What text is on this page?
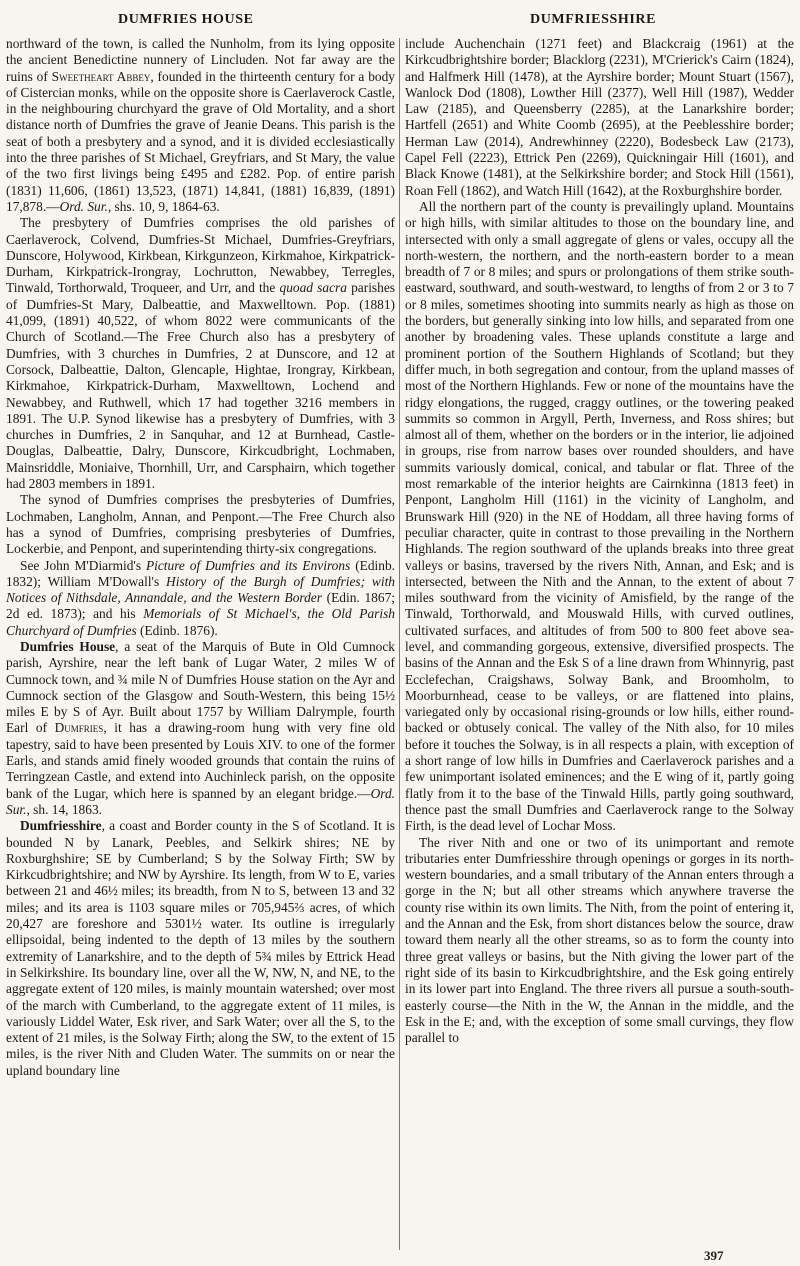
DUMFRIES HOUSE	DUMFRIESSHIRE

northward of the town, is called the Nunholm, from its lying opposite the ancient Benedictine nunnery of Lincluden. Not far away are the ruins of Sweetheart Abbey, founded in the thirteenth century for a body of Cistercian monks, while on the opposite shore is Caerlaverock Castle, in the neighbouring churchyard the grave of Old Mortality, and a short distance north of Dumfries the grave of Jeanie Deans. This parish is the seat of both a presbytery and a synod, and it is divided ecclesiastically into the three parishes of St Michael, Greyfriars, and St Mary, the value of the two first livings being £495 and £282. Pop. of entire parish (1831) 11,606, (1861) 13,523, (1871) 14,841, (1881) 16,839, (1891) 17,878.—Ord. Sur., shs. 10, 9, 1864-63.

The presbytery of Dumfries comprises the old parishes of Caerlaverock, Colvend, Dumfries-St Michael, Dumfries-Greyfriars, Dunscore, Holywood, Kirkbean, Kirkgunzeon, Kirkmahoe, Kirkpatrick-Durham, Kirkpatrick-Irongray, Lochrutton, Newabbey, Terregles, Tinwald, Torthorwald, Troqueer, and Urr, and the quoad sacra parishes of Dumfries-St Mary, Dalbeattie, and Maxwelltown. Pop. (1881) 41,099, (1891) 40,522, of whom 8022 were communicants of the Church of Scotland.—The Free Church also has a presbytery of Dumfries, with 3 churches in Dumfries, 2 at Dunscore, and 12 at Corsock, Dalbeattie, Dalton, Glencaple, Hightae, Irongray, Kirkbean, Kirkmahoe, Kirkpatrick-Durham, Maxwelltown, Lochend and Newabbey, and Ruthwell, which 17 had together 3216 members in 1891. The U.P. Synod likewise has a presbytery of Dumfries, with 3 churches in Dumfries, 2 in Sanquhar, and 12 at Burnhead, Castle-Douglas, Dalbeattie, Dalry, Dunscore, Kirkcudbright, Lochmaben, Mainsriddle, Moniaive, Thornhill, Urr, and Carsphairn, which together had 2803 members in 1891.

The synod of Dumfries comprises the presbyteries of Dumfries, Lochmaben, Langholm, Annan, and Penpont.—The Free Church also has a synod of Dumfries, comprising presbyteries of Dumfries, Lockerbie, and Penpont, and superintending thirty-six congregations.

See John M'Diarmid's Picture of Dumfries and its Environs (Edinb. 1832); William M'Dowall's History of the Burgh of Dumfries; with Notices of Nithsdale, Annandale, and the Western Border (Edin. 1867; 2d ed. 1873); and his Memorials of St Michael's, the Old Parish Churchyard of Dumfries (Edinb. 1876).

Dumfries House, a seat of the Marquis of Bute in Old Cumnock parish, Ayrshire, near the left bank of Lugar Water, 2 miles W of Cumnock town, and ¾ mile N of Dumfries House station on the Ayr and Cumnock section of the Glasgow and South-Western, this being 15½ miles E by S of Ayr. Built about 1757 by William Dalrymple, fourth Earl of Dumfries, it has a drawing-room hung with very fine old tapestry, said to have been presented by Louis XIV. to one of the former Earls, and stands amid finely wooded grounds that contain the ruins of Terringzean Castle, and extend into Auchinleck parish, on the opposite bank of the Lugar, which here is spanned by an elegant bridge.—Ord. Sur., sh. 14, 1863.

Dumfriesshire, a coast and Border county in the S of Scotland. It is bounded N by Lanark, Peebles, and Selkirk shires; NE by Roxburghshire; SE by Cumberland; S by the Solway Firth; SW by Kirkcudbrightshire; and NW by Ayrshire. Its length, from W to E, varies between 21 and 46½ miles; its breadth, from N to S, between 13 and 32 miles; and its area is 1103 square miles or 705,945⅔ acres, of which 20,427 are foreshore and 5301½ water. Its outline is irregularly ellipsoidal, being indented to the depth of 13 miles by the southern extremity of Lanarkshire, and to the depth of 5¾ miles by Ettrick Head in Selkirkshire. Its boundary line, over all the W, NW, N, and NE, to the aggregate extent of 120 miles, is mainly mountain watershed; over most of the march with Cumberland, to the aggregate extent of 11 miles, is variously Liddel Water, Esk river, and Sark Water; over all the S, to the extent of 21 miles, is the Solway Firth; along the SW, to the extent of 15 miles, is the river Nith and Cluden Water. The summits on or near the upland boundary line

include Auchenchain (1271 feet) and Blackcraig (1961) at the Kirkcudbrightshire border; Blacklorg (2231), M'Crierick's Cairn (1824), and Halfmerk Hill (1478), at the Ayrshire border; Mount Stuart (1567), Wanlock Dod (1808), Lowther Hill (2377), Well Hill (1987), Wedder Law (2185), and Queensberry (2285), at the Lanarkshire border; Hartfell (2651) and White Coomb (2695), at the Peeblesshire border; Herman Law (2014), Andrewhinney (2220), Bodesbeck Law (2173), Capel Fell (2223), Ettrick Pen (2269), Quickningair Hill (1601), and Black Knowe (1481), at the Selkirkshire border; and Stock Hill (1561), Roan Fell (1862), and Watch Hill (1642), at the Roxburghshire border.

All the northern part of the county is prevailingly upland. Mountains or high hills, with similar altitudes to those on the boundary line, and intersected with only a small aggregate of glens or vales, occupy all the north-western, the northern, and the north-eastern border to a mean breadth of 7 or 8 miles; and spurs or prolongations of them strike south-eastward, southward, and south-westward, to lengths of from 2 or 3 to 7 or 8 miles, sometimes shooting into summits nearly as high as those on the borders, but generally sinking into low hills, and separated from one another by broadening vales. These uplands constitute a large and prominent portion of the Southern Highlands of Scotland; but they differ much, in both segregation and contour, from the upland masses of most of the Northern Highlands. Few or none of the mountains have the ridgy elongations, the rugged, craggy outlines, or the towering peaked summits so common in Argyll, Perth, Inverness, and Ross shires; but almost all of them, whether on the borders or in the interior, lie adjoined in groups, rise from narrow bases over rounded shoulders, and have summits variously domical, conical, and tabular or flat. Three of the most remarkable of the interior heights are Cairnkinna (1813 feet) in Penpont, Langholm Hill (1161) in the vicinity of Langholm, and Brunswark Hill (920) in the NE of Hoddam, all three having forms of peculiar character, quite in contrast to those prevailing in the Northern Highlands. The region southward of the uplands breaks into three great valleys or basins, traversed by the rivers Nith, Annan, and Esk; and is intersected, between the Nith and the Annan, to the extent of about 7 miles southward from the vicinity of Amisfield, by the range of the Tinwald, Torthorwald, and Mouswald Hills, with curved outlines, cultivated surfaces, and altitudes of from 500 to 800 feet above sea-level, and commanding gorgeous, extensive, diversified prospects. The basins of the Annan and the Esk S of a line drawn from Whinnyrig, past Ecclefechan, Craigshaws, Solway Bank, and Broomholm, to Moorburnhead, cease to be valleys, or are flattened into plains, variegated only by occasional rising-grounds or low hills, either round-backed or obtusely conical. The valley of the Nith also, for 10 miles before it touches the Solway, is in all respects a plain, with exception of a short range of low hills in Dumfries and Caerlaverock parishes and a few unimportant isolated eminences; and the E wing of it, partly going flatly from it to the base of the Tinwald Hills, partly going southward, thence past the small Dumfries and Caerlaverock range to the Solway Firth, is the dead level of Lochar Moss.

The river Nith and one or two of its unimportant and remote tributaries enter Dumfriesshire through openings or gorges in its north-western boundaries, and a small tributary of the Annan enters through a gorge in the N; but all other streams which anywhere traverse the county rise within its own limits. The Nith, from the point of entering it, and the Annan and the Esk, from short distances below the source, draw toward them nearly all the other streams, so as to form the county into three great valleys or basins, but the Nith giving the lower part of the right side of its basin to Kirkcudbrightshire, and the Esk going entirely in its lower part into England. The three rivers all pursue a south-south-easterly course—the Nith in the W, the Annan in the middle, and the Esk in the E; and, with the exception of some small curvings, they flow parallel to

397
